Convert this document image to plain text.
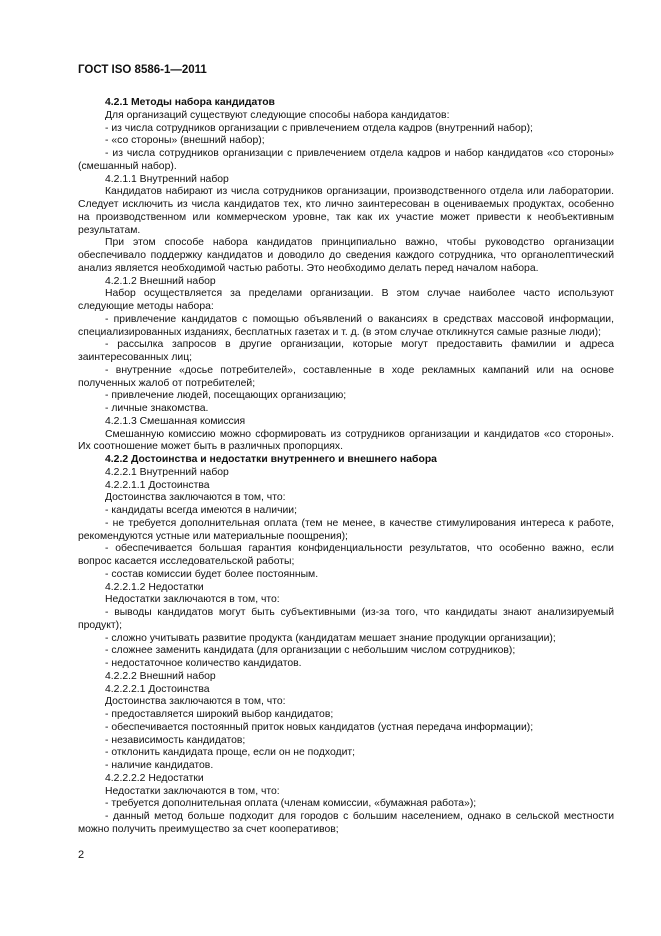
ГОСТ ISO 8586-1—2011

4.2.1 Методы набора кандидатов

Для организаций существуют следующие способы набора кандидатов:

- из числа сотрудников организации с привлечением отдела кадров (внутренний набор);

- «со стороны» (внешний набор);

- из числа сотрудников организации с привлечением отдела кадров и набор кандидатов «со стороны» (смешанный набор).

4.2.1.1 Внутренний набор

Кандидатов набирают из числа сотрудников организации, производственного отдела или лаборатории. Следует исключить из числа кандидатов тех, кто лично заинтересован в оцениваемых продуктах, особенно на производственном или коммерческом уровне, так как их участие может привести к необъективным результатам.

При этом способе набора кандидатов принципиально важно, чтобы руководство организации обеспечивало поддержку кандидатов и доводило до сведения каждого сотрудника, что органолептический анализ является необходимой частью работы. Это необходимо делать перед началом набора.

4.2.1.2 Внешний набор

Набор осуществляется за пределами организации. В этом случае наиболее часто используют следующие методы набора:

- привлечение кандидатов с помощью объявлений о вакансиях в средствах массовой информации, специализированных изданиях, бесплатных газетах и т. д. (в этом случае откликнутся самые разные люди);

- рассылка запросов в другие организации, которые могут предоставить фамилии и адреса заинтересованных лиц;

- внутренние «досье потребителей», составленные в ходе рекламных кампаний или на основе полученных жалоб от потребителей;

- привлечение людей, посещающих организацию;

- личные знакомства.

4.2.1.3 Смешанная комиссия

Смешанную комиссию можно сформировать из сотрудников организации и кандидатов «со стороны». Их соотношение может быть в различных пропорциях.

4.2.2 Достоинства и недостатки внутреннего и внешнего набора

4.2.2.1 Внутренний набор

4.2.2.1.1 Достоинства

Достоинства заключаются в том, что:

- кандидаты всегда имеются в наличии;

- не требуется дополнительная оплата (тем не менее, в качестве стимулирования интереса к работе, рекомендуются устные или материальные поощрения);

- обеспечивается большая гарантия конфиденциальности результатов, что особенно важно, если вопрос касается исследовательской работы;

- состав комиссии будет более постоянным.

4.2.2.1.2 Недостатки

Недостатки заключаются в том, что:

- выводы кандидатов могут быть субъективными (из-за того, что кандидаты знают анализируемый продукт);

- сложно учитывать развитие продукта (кандидатам мешает знание продукции организации);

- сложнее заменить кандидата (для организации с небольшим числом сотрудников);

- недостаточное количество кандидатов.

4.2.2.2 Внешний набор

4.2.2.2.1 Достоинства

Достоинства заключаются в том, что:

- предоставляется широкий выбор кандидатов;

- обеспечивается постоянный приток новых кандидатов (устная передача информации);

- независимость кандидатов;

- отклонить кандидата проще, если он не подходит;

- наличие кандидатов.

4.2.2.2.2 Недостатки

Недостатки заключаются в том, что:

- требуется дополнительная оплата (членам комиссии, «бумажная работа»);

- данный метод больше подходит для городов с большим населением, однако в сельской местности можно получить преимущество за счет кооперативов;

2
